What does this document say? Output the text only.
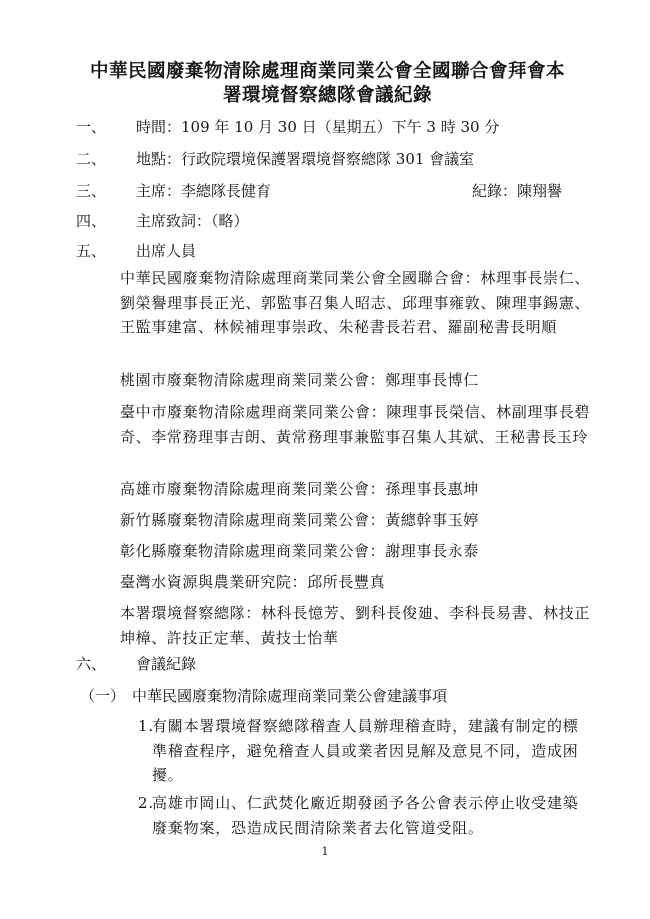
中華民國廢棄物清除處理商業同業公會全國聯合會拜會本
署環境督察總隊會議紀錄
一、 時間：109 年 10 月 30 日（星期五）下午 3 時 30 分
二、 地點：行政院環境保護署環境督察總隊 301 會議室
三、 主席：李總隊長健育	紀錄：陳翔譽
四、 主席致詞：（略）
五、 出席人員
中華民國廢棄物清除處理商業同業公會全國聯合會：林理事長崇仁、劉榮譽理事長正光、郭監事召集人昭志、邱理事雍敦、陳理事錫憲、王監事建富、林候補理事崇政、朱秘書長若君、羅副秘書長明順
桃園市廢棄物清除處理商業同業公會：鄭理事長博仁
臺中市廢棄物清除處理商業同業公會：陳理事長榮信、林副理事長碧奇、李常務理事吉朗、黃常務理事兼監事召集人其斌、王秘書長玉玲
高雄市廢棄物清除處理商業同業公會：孫理事長惠坤
新竹縣廢棄物清除處理商業同業公會：黃總幹事玉婷
彰化縣廢棄物清除處理商業同業公會：謝理事長永泰
臺灣水資源與農業研究院：邱所長豐真
本署環境督察總隊：林科長憶芳、劉科長俊廸、李科長易書、林技正坤樟、許技正定華、黃技士怡華
六、 會議紀錄
（一） 中華民國廢棄物清除處理商業同業公會建議事項
1.
有關本署環境督察總隊稽查人員辦理稽查時，建議有制定的標準稽查程序，避免稽查人員或業者因見解及意見不同，造成困擾。
2.
高雄市岡山、仁武焚化廠近期發函予各公會表示停止收受建築廢棄物案，恐造成民間清除業者去化管道受阻。
1
